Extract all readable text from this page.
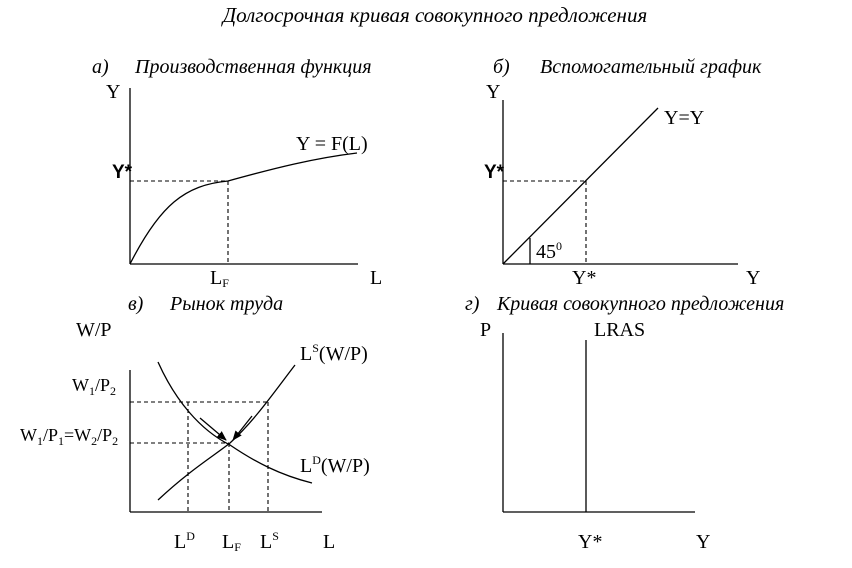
Долгосрочная кривая совокупного предложения
а) Производственная функция
Y
L
Y = F(L)
Y*
LF
б) Вспомогательный график
Y
Y
Y=Y
$45^0$
Y*
Y*
в) Рынок труда
W/P
L
$L^S(W/P)$
$L^D(W/P)$
$W_1/P_2$
$W_1/P_1=W_2/P_2$
$L^D$ LF $L^S$
г) Кривая совокупного предложения
P
Y
LRAS
Y*
